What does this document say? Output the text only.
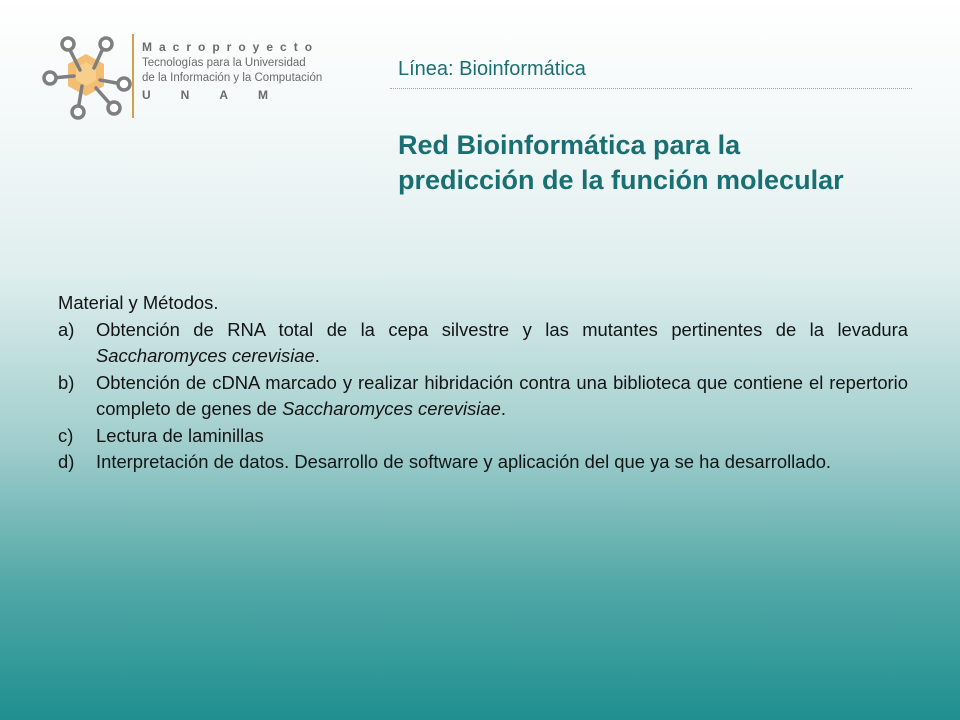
Macroproyecto
Tecnologías para la Universidad
de la Información y la Computación
UNAM
Línea: Bioinformática
Red Bioinformática para la predicción de la función molecular

Material y Métodos.

a)	Obtención de RNA total de la cepa silvestre y las mutantes pertinentes de la levadura Saccharomyces cerevisiae.
b)	Obtención de cDNA marcado y realizar hibridación contra una biblioteca que contiene el repertorio completo de genes de Saccharomyces cerevisiae.
c)	Lectura de laminillas
d)	Interpretación de datos. Desarrollo de software y aplicación del que ya se ha desarrollado.
